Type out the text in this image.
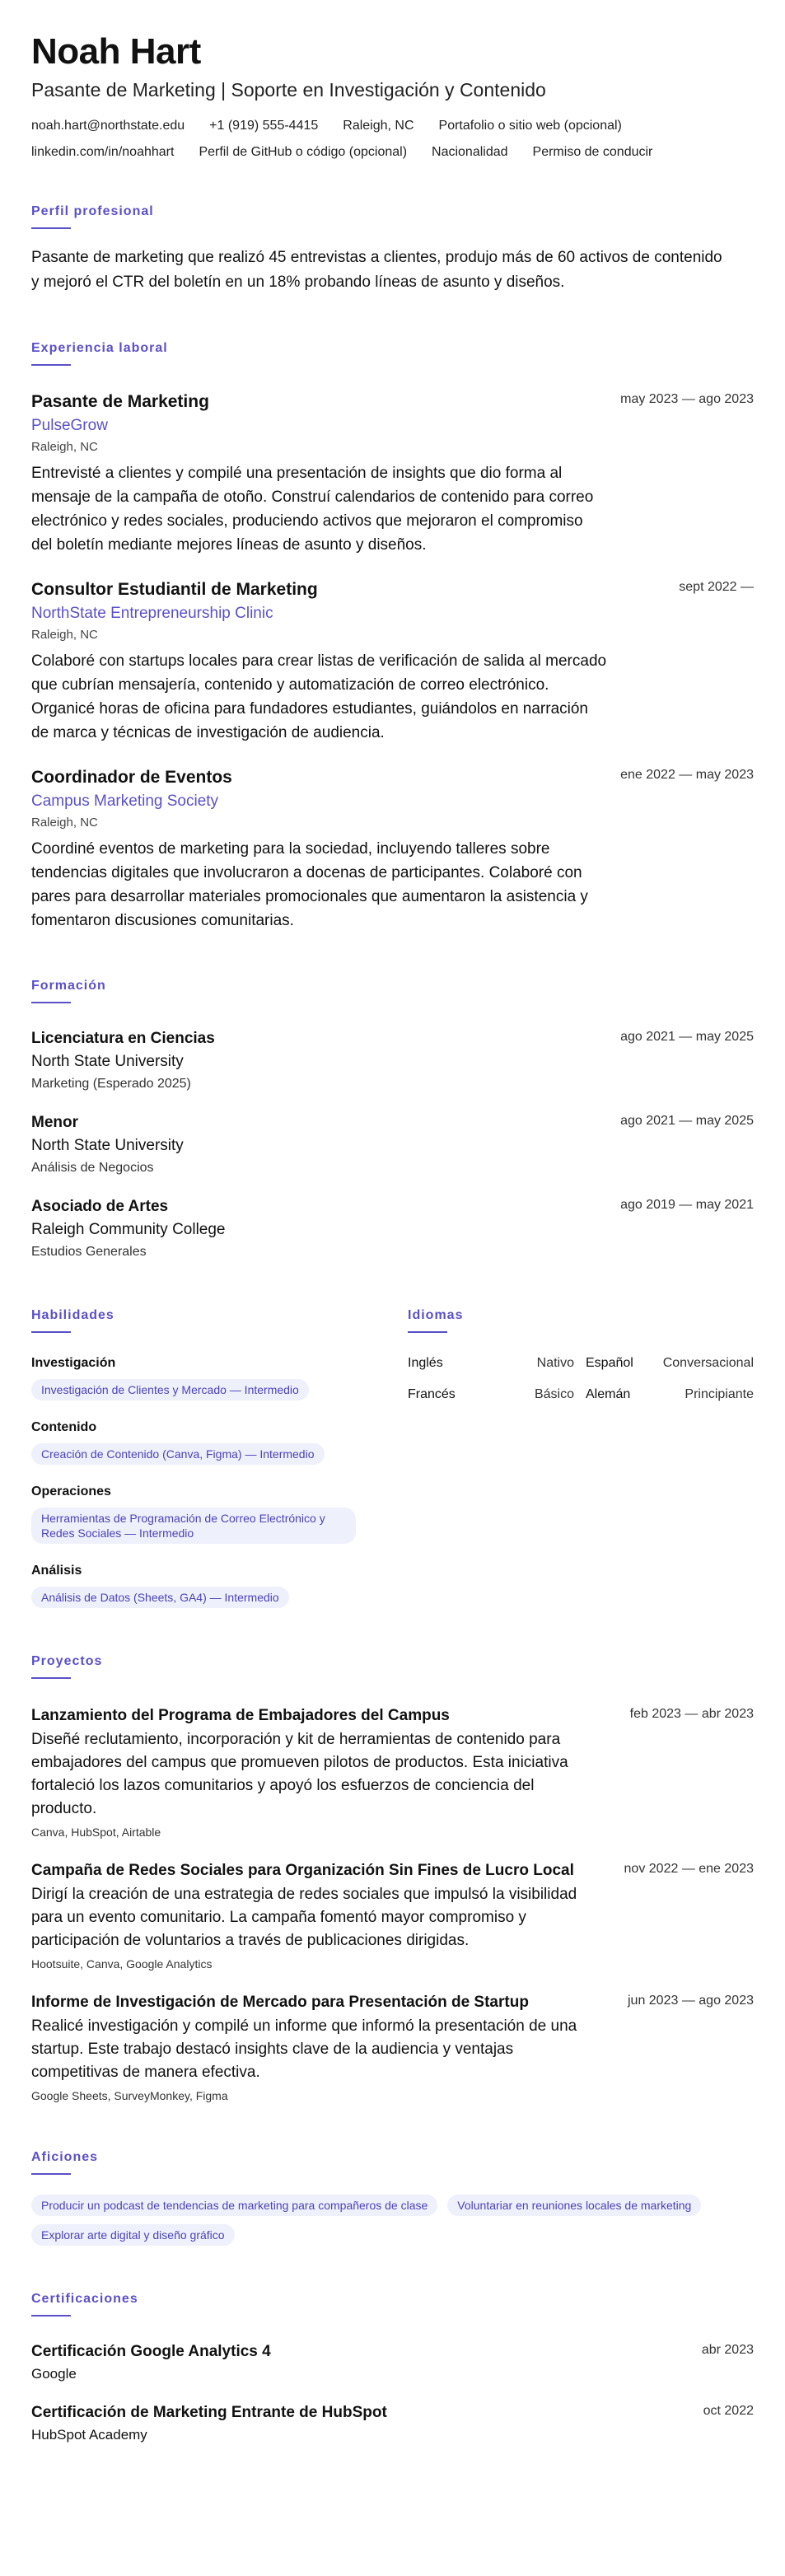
Noah Hart
Pasante de Marketing | Soporte en Investigación y Contenido
noah.hart@northstate.edu +1 (919) 555-4415 Raleigh, NC Portafolio o sitio web (opcional)
linkedin.com/in/noahhart Perfil de GitHub o código (opcional) Nacionalidad Permiso de conducir
Perfil profesional
Pasante de marketing que realizó 45 entrevistas a clientes, produjo más de 60 activos de contenido y mejoró el CTR del boletín en un 18% probando líneas de asunto y diseños.
Experiencia laboral
may 2023 — ago 2023
Pasante de Marketing
PulseGrow
Raleigh, NC
Entrevisté a clientes y compilé una presentación de insights que dio forma al mensaje de la campaña de otoño. Construí calendarios de contenido para correo electrónico y redes sociales, produciendo activos que mejoraron el compromiso del boletín mediante mejores líneas de asunto y diseños.
sept 2022 —
Consultor Estudiantil de Marketing
NorthState Entrepreneurship Clinic
Raleigh, NC
Colaboré con startups locales para crear listas de verificación de salida al mercado que cubrían mensajería, contenido y automatización de correo electrónico. Organicé horas de oficina para fundadores estudiantes, guiándolos en narración de marca y técnicas de investigación de audiencia.
ene 2022 — may 2023
Coordinador de Eventos
Campus Marketing Society
Raleigh, NC
Coordiné eventos de marketing para la sociedad, incluyendo talleres sobre tendencias digitales que involucraron a docenas de participantes. Colaboré con pares para desarrollar materiales promocionales que aumentaron la asistencia y fomentaron discusiones comunitarias.
Formación
ago 2021 — may 2025
Licenciatura en Ciencias
North State University
Marketing (Esperado 2025)
ago 2021 — may 2025
Menor
North State University
Análisis de Negocios
ago 2019 — may 2021
Asociado de Artes
Raleigh Community College
Estudios Generales
Habilidades
Investigación
Investigación de Clientes y Mercado — Intermedio
Contenido
Creación de Contenido (Canva, Figma) — Intermedio
Operaciones
Herramientas de Programación de Correo Electrónico y Redes Sociales — Intermedio
Análisis
Análisis de Datos (Sheets, GA4) — Intermedio
Idiomas
Inglés	Nativo Español	Conversacional
Francés	Básico Alemán	Principiante
Proyectos
feb 2023 — abr 2023
Lanzamiento del Programa de Embajadores del Campus
Diseñé reclutamiento, incorporación y kit de herramientas de contenido para embajadores del campus que promueven pilotos de productos. Esta iniciativa fortaleció los lazos comunitarios y apoyó los esfuerzos de conciencia del producto.
Canva, HubSpot, Airtable
nov 2022 — ene 2023
Campaña de Redes Sociales para Organización Sin Fines de Lucro Local
Dirigí la creación de una estrategia de redes sociales que impulsó la visibilidad para un evento comunitario. La campaña fomentó mayor compromiso y participación de voluntarios a través de publicaciones dirigidas.
Hootsuite, Canva, Google Analytics
jun 2023 — ago 2023
Informe de Investigación de Mercado para Presentación de Startup
Realicé investigación y compilé un informe que informó la presentación de una startup. Este trabajo destacó insights clave de la audiencia y ventajas competitivas de manera efectiva.
Google Sheets, SurveyMonkey, Figma
Aficiones
Producir un podcast de tendencias de marketing para compañeros de clase	Voluntariar en reuniones locales de marketing
Explorar arte digital y diseño gráfico
Certificaciones
abr 2023
Certificación Google Analytics 4
Google
oct 2022
Certificación de Marketing Entrante de HubSpot
HubSpot Academy
